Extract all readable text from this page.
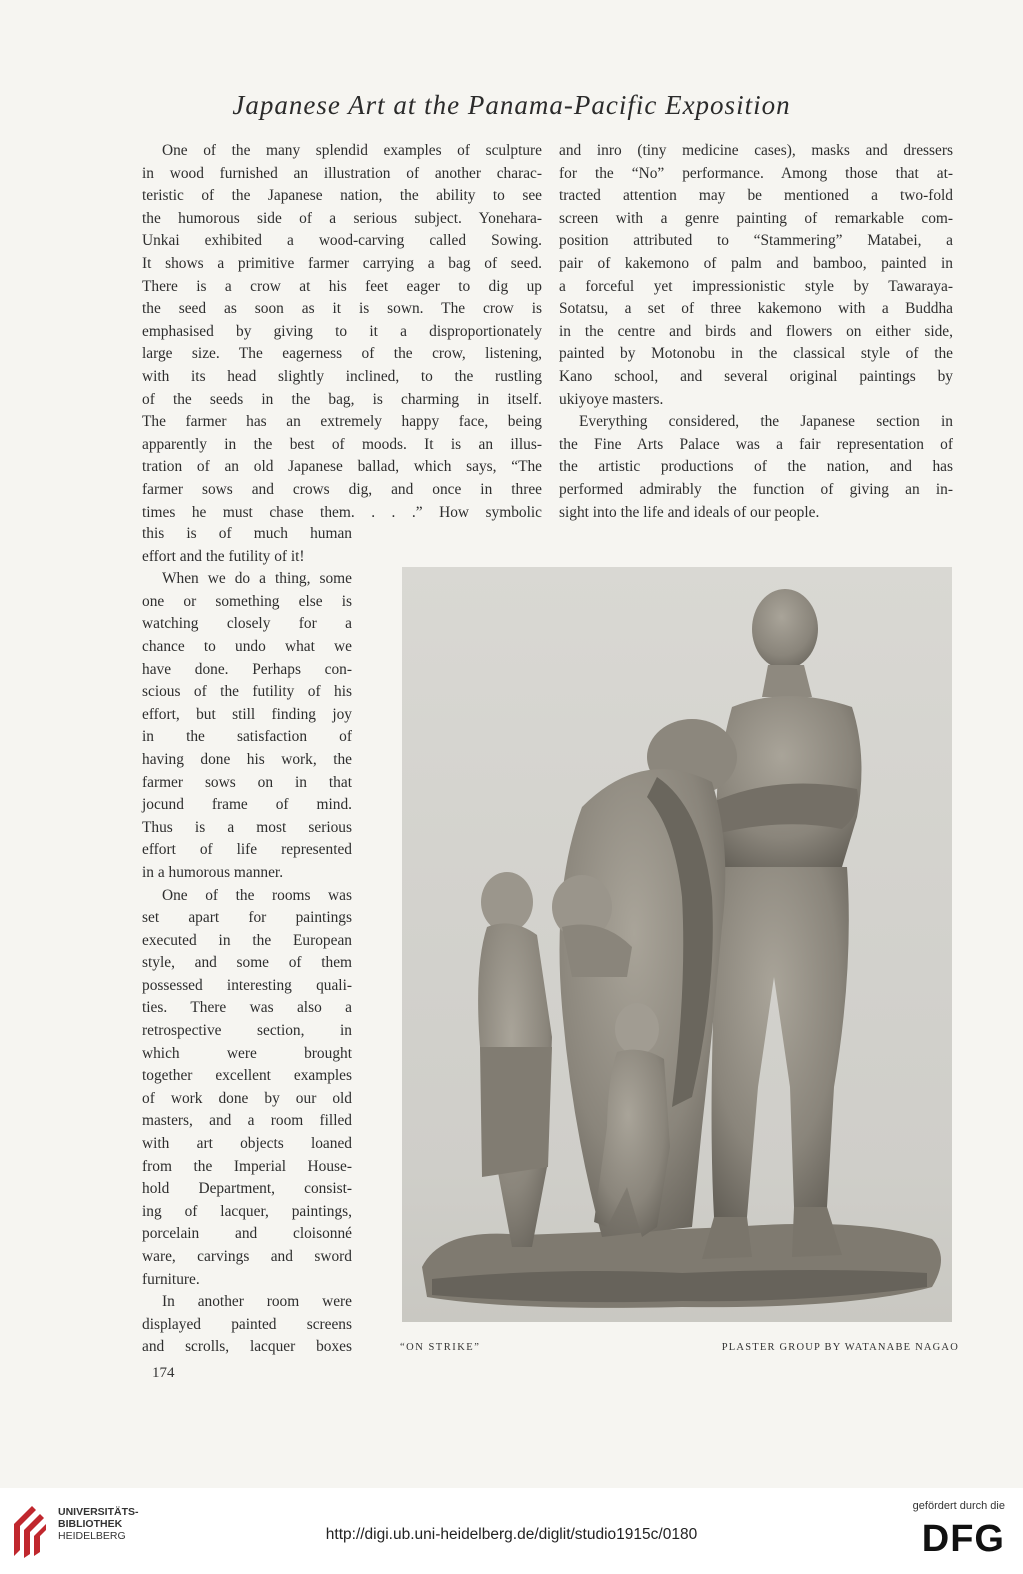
Japanese Art at the Panama-Pacific Exposition
One of the many splendid examples of sculpture
in wood furnished an illustration of another charac-
teristic of the Japanese nation, the ability to see
the humorous side of a serious subject. Yonehara-
Unkai exhibited a wood-carving called Sowing.
It shows a primitive farmer carrying a bag of seed.
There is a crow at his feet eager to dig up
the seed as soon as it is sown. The crow is
emphasised by giving to it a disproportionately
large size. The eagerness of the crow, listening,
with its head slightly inclined, to the rustling
of the seeds in the bag, is charming in itself.
The farmer has an extremely happy face, being
apparently in the best of moods. It is an illus-
tration of an old Japanese ballad, which says, “The
farmer sows and crows dig, and once in three
times he must chase them. . . .” How symbolic
this is of much human
effort and the futility of it!
When we do a thing, some
one or something else is
watching closely for a
chance to undo what we
have done. Perhaps con-
scious of the futility of his
effort, but still finding joy
in the satisfaction of
having done his work, the
farmer sows on in that
jocund frame of mind.
Thus is a most serious
effort of life represented
in a humorous manner.
One of the rooms was
set apart for paintings
executed in the European
style, and some of them
possessed interesting quali-
ties. There was also a
retrospective section, in
which were brought
together excellent examples
of work done by our old
masters, and a room filled
with art objects loaned
from the Imperial House-
hold Department, consist-
ing of lacquer, paintings,
porcelain and cloisonné
ware, carvings and sword
furniture.
In another room were
displayed painted screens
and scrolls, lacquer boxes
and inro (tiny medicine cases), masks and dressers
for the “No” performance. Among those that at-
tracted attention may be mentioned a two-fold
screen with a genre painting of remarkable com-
position attributed to “Stammering” Matabei, a
pair of kakemono of palm and bamboo, painted in
a forceful yet impressionistic style by Tawaraya-
Sotatsu, a set of three kakemono with a Buddha
in the centre and birds and flowers on either side,
painted by Motonobu in the classical style of the
Kano school, and several original paintings by
ukiyoye masters.
Everything considered, the Japanese section in
the Fine Arts Palace was a fair representation of
the artistic productions of the nation, and has
performed admirably the function of giving an in-
sight into the life and ideals of our people.
“ON STRIKE”	PLASTER GROUP BY WATANABE NAGAO
174
UNIVERSITÄTS-
BIBLIOTHEK
HEIDELBERG	http://digi.ub.uni-heidelberg.de/diglit/studio1915c/0180
gefördert durch die
DFG
